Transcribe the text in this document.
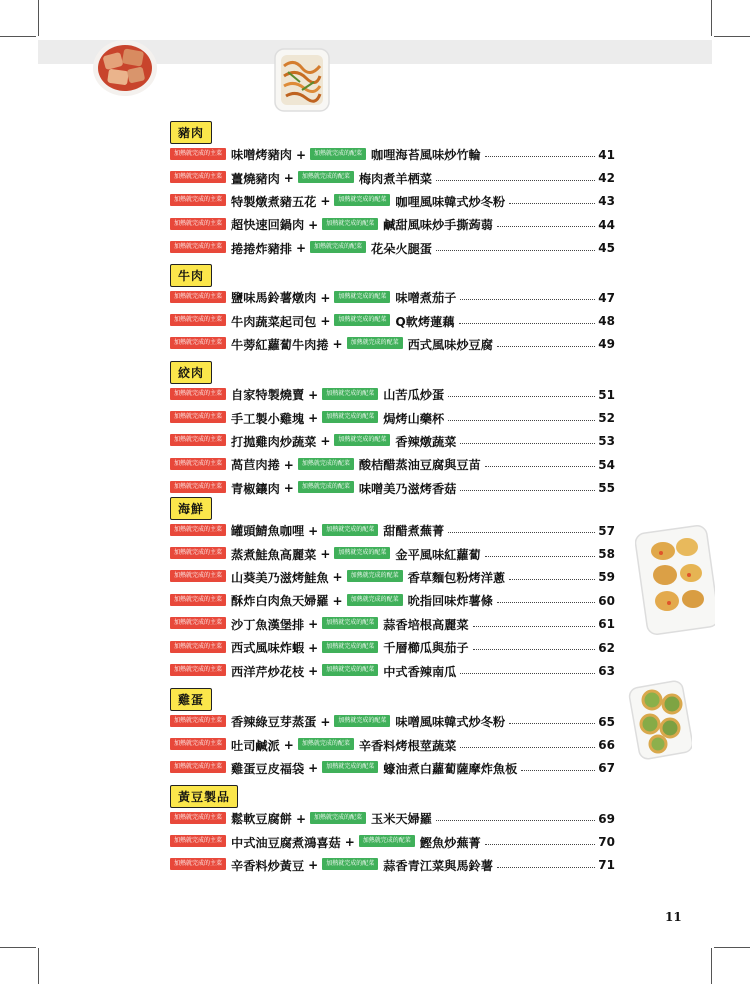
豬肉
加熱就完成的主菜 味噌烤豬肉 +	加熱就完成的配菜 咖哩海苔風味炒竹輪	41
加熱就完成的主菜 薑燒豬肉 +	加熱就完成的配菜 梅肉煮羊栖菜	42
加熱就完成的主菜 特製燉煮豬五花 +	加熱就完成的配菜 咖哩風味韓式炒冬粉	43
加熱就完成的主菜 超快速回鍋肉 +	加熱就完成的配菜 鹹甜風味炒手撕蒟蒻	44
加熱就完成的主菜 捲捲炸豬排 +	加熱就完成的配菜 花朵火腿蛋	45
牛肉
加熱就完成的主菜 鹽味馬鈴薯燉肉 +	加熱就完成的配菜 味噌煮茄子	47
加熱就完成的主菜 牛肉蔬菜起司包 +	加熱就完成的配菜 Q軟烤蓮藕	48
加熱就完成的主菜 牛蒡紅蘿蔔牛肉捲 +	加熱就完成的配菜 西式風味炒豆腐	49
絞肉
加熱就完成的主菜 自家特製燒賣 +	加熱就完成的配菜 山苦瓜炒蛋	51
加熱就完成的主菜 手工製小雞塊 +	加熱就完成的配菜 焗烤山藥杯	52
加熱就完成的主菜 打拋雞肉炒蔬菜 +	加熱就完成的配菜 香辣燉蔬菜	53
加熱就完成的主菜 萵苣肉捲 +	加熱就完成的配菜 酸桔醋蒸油豆腐與豆苗	54
加熱就完成的主菜 青椒鑲肉 +	加熱就完成的配菜 味噌美乃滋烤香菇	55
海鮮
加熱就完成的主菜 罐頭鯖魚咖哩 +	加熱就完成的配菜 甜醋煮蕪菁	57
加熱就完成的主菜 蒸煮鮭魚高麗菜 +	加熱就完成的配菜 金平風味紅蘿蔔	58
加熱就完成的主菜 山葵美乃滋烤鮭魚 +	加熱就完成的配菜 香草麵包粉烤洋蔥	59
加熱就完成的主菜 酥炸白肉魚天婦羅 +	加熱就完成的配菜 吮指回味炸薯條	60
加熱就完成的主菜 沙丁魚漢堡排 +	加熱就完成的配菜 蒜香培根高麗菜	61
加熱就完成的主菜 西式風味炸蝦 +	加熱就完成的配菜 千層櫛瓜與茄子	62
加熱就完成的主菜 西洋芹炒花枝 +	加熱就完成的配菜 中式香辣南瓜	63
雞蛋
加熱就完成的主菜 香辣綠豆芽蒸蛋 +	加熱就完成的配菜 味噌風味韓式炒冬粉	65
加熱就完成的主菜 吐司鹹派 +	加熱就完成的配菜 辛香料烤根莖蔬菜	66
加熱就完成的主菜 雞蛋豆皮福袋 +	加熱就完成的配菜 蠔油煮白蘿蔔薩摩炸魚板	67
黃豆製品
加熱就完成的主菜 鬆軟豆腐餅 +	加熱就完成的配菜 玉米天婦羅	69
加熱就完成的主菜 中式油豆腐煮鴻喜菇 +	加熱就完成的配菜 鰹魚炒蕪菁	70
加熱就完成的主菜 辛香料炒黃豆 +	加熱就完成的配菜 蒜香青江菜與馬鈴薯	71
11
